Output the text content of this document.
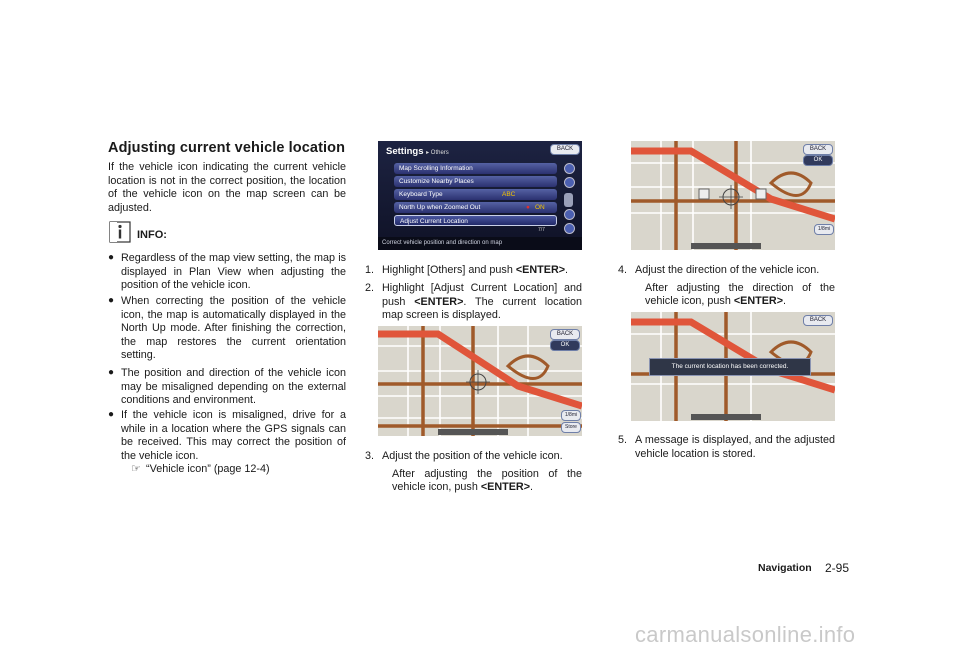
Adjusting current vehicle location
If the vehicle icon indicating the current vehicle location is not in the correct position, the location of the vehicle icon on the map screen can be adjusted.
INFO:
● Regardless of the map view setting, the map is displayed in Plan View when adjusting the position of the vehicle icon.
● When correcting the position of the vehicle icon, the map is automatically displayed in the North Up mode. After finishing the correction, the map restores the current orientation setting.
● The position and direction of the vehicle icon may be misaligned depending on the external conditions and environment.
● If the vehicle icon is misaligned, drive for a while in a location where the GPS signals can be received. This may correct the position of the vehicle icon.
☞ “Vehicle icon” (page 12-4)
Settings ▸ Others
BACK
Map Scrolling Information
Customize Nearby Places
Keyboard Type	ABC
North Up when Zoomed Out	● ON
Adjust Current Location
7/7
Correct vehicle position and direction on map
1. Highlight [Others] and push <ENTER>.
2. Highlight [Adjust Current Location] and push <ENTER>. The current location map screen is displayed.
BACK
OK
1/8mi
Store
3. Adjust the position of the vehicle icon.
After adjusting the position of the vehicle icon, push <ENTER>.
BACK
OK
1/8mi
4. Adjust the direction of the vehicle icon.
After adjusting the direction of the vehicle icon, push <ENTER>.
BACK
The current location has been corrected.
5. A message is displayed, and the adjusted vehicle location is stored.
Navigation 2-95
carmanualsonline.info
